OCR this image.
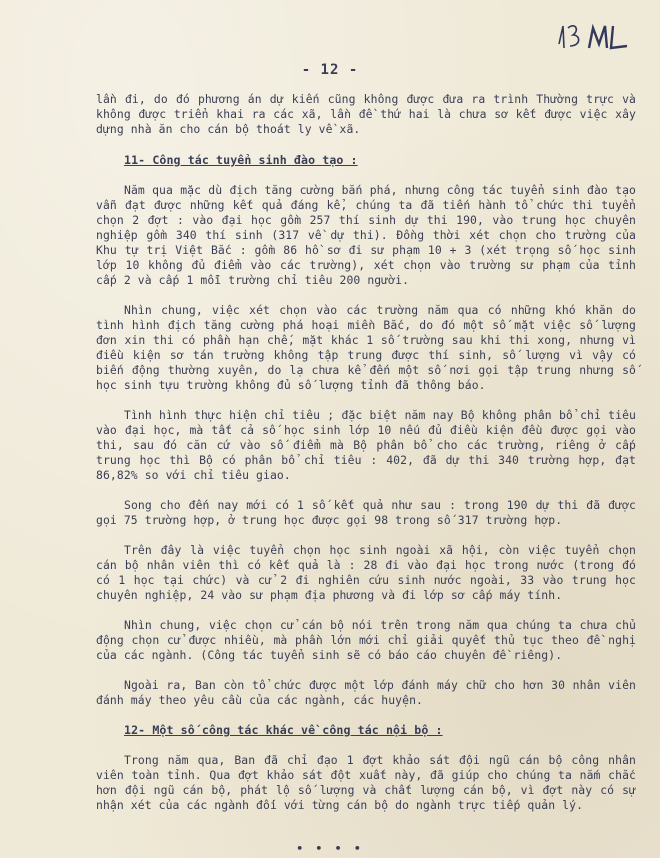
- 12 -

lần đi, do đó phương án dự kiến cũng không được đưa ra trình Thường trực và không được triển khai ra các xã, lần đề thứ hai là chưa sơ kết được việc xây dựng nhà ăn cho cán bộ thoát ly về xã.

11- Công tác tuyển sinh đào tạo :

Năm qua mặc dù địch tăng cường bắn phá, nhưng công tác tuyển sinh đào tạo vẫn đạt được những kết quả đáng kể, chúng ta đã tiến hành tổ chức thi tuyển chọn 2 đợt : vào đại học gồm 257 thí sinh dự thi 190, vào trung học chuyên nghiệp gồm 340 thí sinh (317 về dự thi). Đồng thời xét chọn cho trường của Khu tự trị Việt Bắc : gồm 86 hồ sơ đi sư phạm 10 + 3 (xét trọng số học sinh lớp 10 không đủ điểm vào các trường), xét chọn vào trường sư phạm của tỉnh cấp 2 và cấp 1 mỗi trường chỉ tiêu 200 người.

Nhìn chung, việc xét chọn vào các trường năm qua có những khó khăn do tình hình địch tăng cường phá hoại miền Bắc, do đó một số mặt việc số lượng đơn xin thi có phần hạn chế, mặt khác 1 số trường sau khi thi xong, nhưng vì điều kiện sơ tán trường không tập trung được thí sinh, số lượng vì vậy có biến động thường xuyên, do lạ chưa kể đến một số nơi gọi tập trung nhưng số học sinh tựu trường không đủ số lượng tỉnh đã thông báo.

Tình hình thực hiện chỉ tiêu ; đặc biệt năm nay Bộ không phân bổ chỉ tiêu vào đại học, mà tất cả số học sinh lớp 10 nếu đủ điều kiện đều được gọi vào thi, sau đó căn cứ vào số điểm mà Bộ phân bổ cho các trường, riêng ở cấp trung học thì Bộ có phân bổ chỉ tiêu : 402, đã dự thi 340 trường hợp, đạt 86,82% so với chỉ tiêu giao.

Song cho đến nay mới có 1 số kết quả như sau : trong 190 dự thi đã được gọi 75 trường hợp, ở trung học được gọi 98 trong số 317 trường hợp.

Trên đây là việc tuyển chọn học sinh ngoài xã hội, còn việc tuyển chọn cán bộ nhân viên thì có kết quả là : 28 đi vào đại học trong nước (trong đó có 1 học tại chức) và cử 2 đi nghiên cứu sinh nước ngoài, 33 vào trung học chuyên nghiệp, 24 vào sư phạm địa phương và đi lớp sơ cấp máy tính.

Nhìn chung, việc chọn cử cán bộ nói trên trong năm qua chúng ta chưa chủ động chọn cử được nhiều, mà phần lớn mới chỉ giải quyết thủ tục theo đề nghị của các ngành. (Công tác tuyển sinh sẽ có báo cáo chuyên đề riêng).

Ngoài ra, Ban còn tổ chức được một lớp đánh máy chữ cho hơn 30 nhân viên đánh máy theo yêu cầu của các ngành, các huyện.

12- Một số công tác khác về công tác nội bộ :

Trong năm qua, Ban đã chỉ đạo 1 đợt khảo sát đội ngũ cán bộ công nhân viên toàn tỉnh. Qua đợt khảo sát đột xuất này, đã giúp cho chúng ta nắm chắc hơn đội ngũ cán bộ, phát lộ số lượng và chất lượng cán bộ, vì đợt này có sự nhận xét của các ngành đối với từng cán bộ do ngành trực tiếp quản lý.

• • • •
